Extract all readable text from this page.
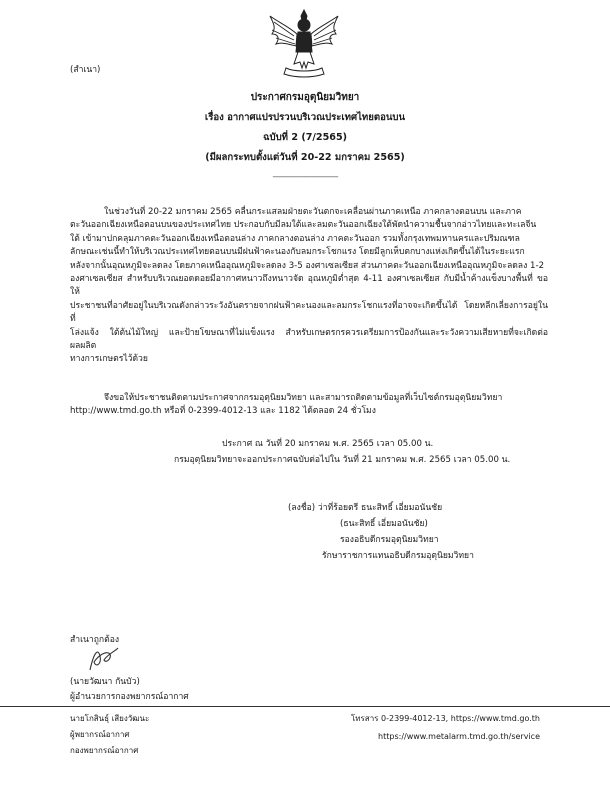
(สำเนา)
ประกาศกรมอุตุนิยมวิทยา
เรื่อง อากาศแปรปรวนบริเวณประเทศไทยตอนบน
ฉบับที่ 2 (7/2565)
(มีผลกระทบตั้งแต่วันที่ 20-22 มกราคม 2565)
-------------------------------
ในช่วงวันที่ 20-22 มกราคม 2565 คลื่นกระแสลมฝ่ายตะวันตกจะเคลื่อนผ่านภาคเหนือ ภาคกลางตอนบน และภาค
ตะวันออกเฉียงเหนือตอนบนของประเทศไทย ประกอบกับมีลมใต้และลมตะวันออกเฉียงใต้พัดนำความชื้นจากอ่าวไทยและทะเลจีน
ใต้ เข้ามาปกคลุมภาคตะวันออกเฉียงเหนือตอนล่าง ภาคกลางตอนล่าง ภาคตะวันออก รวมทั้งกรุงเทพมหานครและปริมณฑล
ลักษณะเช่นนี้ทำให้บริเวณประเทศไทยตอนบนมีฝนฟ้าคะนองกับลมกระโชกแรง โดยมีลูกเห็บตกบางแห่งเกิดขึ้นได้ในระยะแรก
หลังจากนั้นอุณหภูมิจะลดลง โดยภาคเหนืออุณหภูมิจะลดลง 3-5 องศาเซลเซียส ส่วนภาคตะวันออกเฉียงเหนืออุณหภูมิจะลดลง 1-2
องศาเซลเซียส สำหรับบริเวณยอดดอยมีอากาศหนาวถึงหนาวจัด อุณหภูมิต่ำสุด 4-11 องศาเซลเซียส กับมีน้ำค้างแข็งบางพื้นที่ ขอให้
ประชาชนที่อาศัยอยู่ในบริเวณดังกล่าวระวังอันตรายจากฝนฟ้าคะนองและลมกระโชกแรงที่อาจจะเกิดขึ้นได้ โดยหลีกเลี่ยงการอยู่ในที่
โล่งแจ้ง ใต้ต้นไม้ใหญ่ และป้ายโฆษณาที่ไม่แข็งแรง สำหรับเกษตรกรควรเตรียมการป้องกันและระวังความเสียหายที่จะเกิดต่อผลผลิต
ทางการเกษตรไว้ด้วย
จึงขอให้ประชาชนติดตามประกาศจากกรมอุตุนิยมวิทยา และสามารถติดตามข้อมูลที่เว็บไซต์กรมอุตุนิยมวิทยา
http://www.tmd.go.th หรือที่ 0-2399-4012-13 และ 1182 ได้ตลอด 24 ชั่วโมง
ประกาศ ณ วันที่ 20 มกราคม พ.ศ. 2565 เวลา 05.00 น.
กรมอุตุนิยมวิทยาจะออกประกาศฉบับต่อไปใน วันที่ 21 มกราคม พ.ศ. 2565 เวลา 05.00 น.
(ลงชื่อ) ว่าที่ร้อยตรี ธนะสิทธิ์ เอี่ยมอนันชัย
(ธนะสิทธิ์ เอี่ยมอนันชัย)
รองอธิบดีกรมอุตุนิยมวิทยา
รักษาราชการแทนอธิบดีกรมอุตุนิยมวิทยา
สำเนาถูกต้อง
(นายวัฒนา กันบัว)
ผู้อำนวยการกองพยากรณ์อากาศ
นายโกสินธุ์ เสียงวัฒนะ
ผู้พยากรณ์อากาศ
กองพยากรณ์อากาศ
โทรสาร 0-2399-4012-13, https://www.tmd.go.th
https://www.metalarm.tmd.go.th/service
